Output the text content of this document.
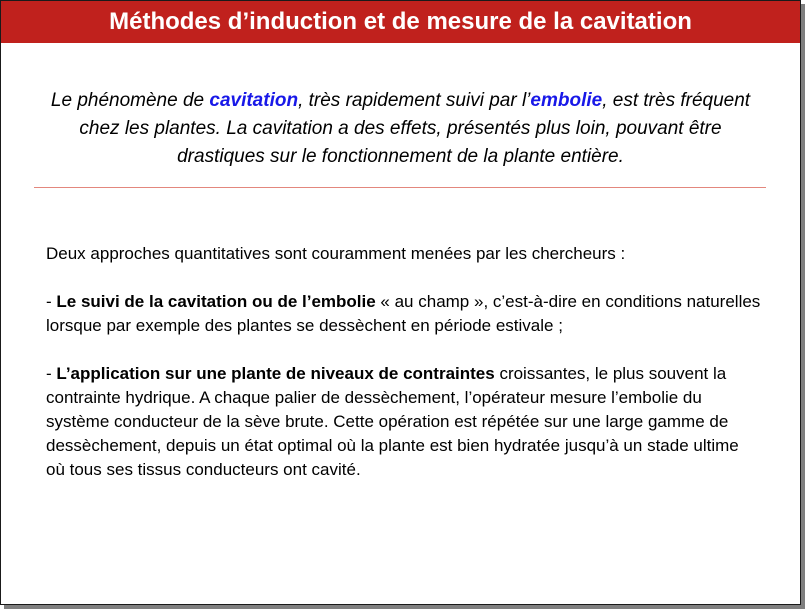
Méthodes d’induction et de mesure de la cavitation

Le phénomène de cavitation, très rapidement suivi par l’embolie, est très fréquent chez les plantes. La cavitation a des effets, présentés plus loin, pouvant être drastiques sur le fonctionnement de la plante entière.

Deux approches quantitatives sont couramment menées par les chercheurs :

- Le suivi de la cavitation ou de l’embolie « au champ », c’est-à-dire en conditions naturelles lorsque par exemple des plantes se dessèchent en période estivale ;

- L’application sur une plante de niveaux de contraintes croissantes, le plus souvent la contrainte hydrique. A chaque palier de dessèchement, l’opérateur mesure l’embolie du système conducteur de la sève brute. Cette opération est répétée sur une large gamme de dessèchement, depuis un état optimal où la plante est bien hydratée jusqu’à un stade ultime où tous ses tissus conducteurs ont cavité.
